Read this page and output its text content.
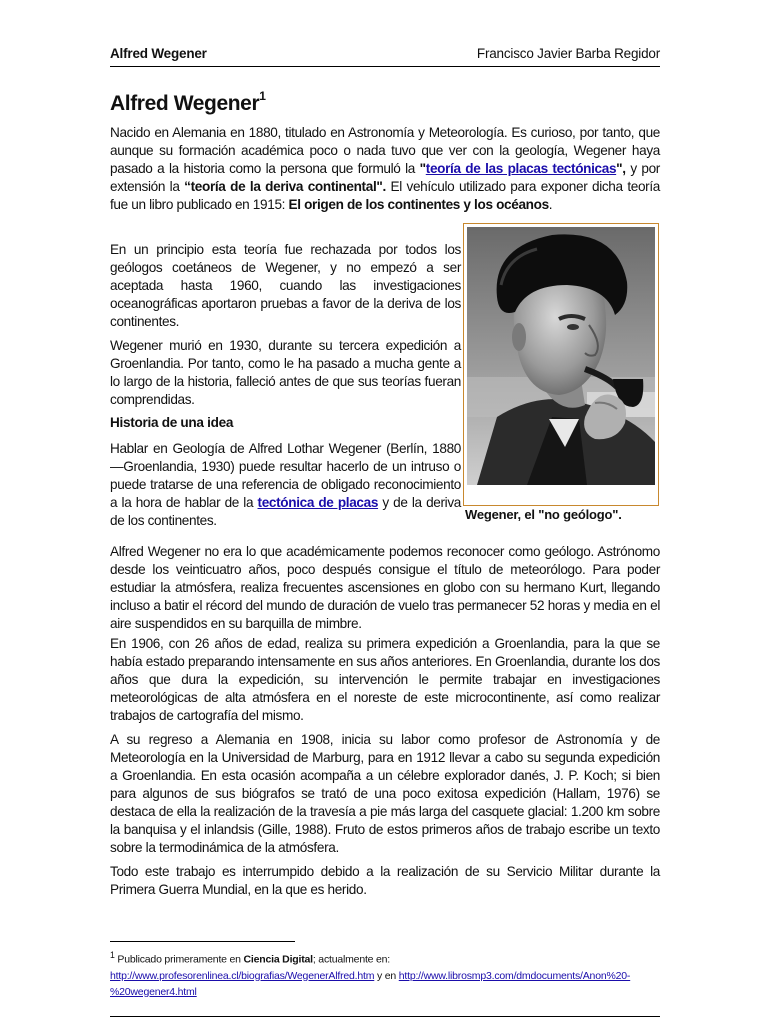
Alfred Wegener	Francisco Javier Barba Regidor
Alfred Wegener$^1$

Nacido en Alemania en 1880, titulado en Astronomía y Meteorología. Es curioso, por tanto, que aunque su formación académica poco o nada tuvo que ver con la geología, Wegener haya pasado a la historia como la persona que formuló la "teoría de las placas tectónicas", y por extensión la “teoría de la deriva continental". El vehículo utilizado para exponer dicha teoría fue un libro publicado en 1915: El origen de los continentes y los océanos.

En un principio esta teoría fue rechazada por todos los geólogos coetáneos de Wegener, y no empezó a ser aceptada hasta 1960, cuando las investigaciones oceanográficas aportaron pruebas a favor de la deriva de los continentes.

Wegener murió en 1930, durante su tercera expedición a Groenlandia. Por tanto, como le ha pasado a mucha gente a lo largo de la historia, falleció antes de que sus teorías fueran comprendidas.

Historia de una idea

Hablar en Geología de Alfred Lothar Wegener (Berlín, 1880—Groenlandia, 1930) puede resultar hacerlo de un intruso o puede tratarse de una referencia de obligado reconocimiento a la hora de hablar de la tectónica de placas y de la deriva de los continentes.	Wegener, el "no geólogo".

Alfred Wegener no era lo que académicamente podemos reconocer como geólogo. Astrónomo desde los veinticuatro años, poco después consigue el título de meteorólogo. Para poder estudiar la atmósfera, realiza frecuentes ascensiones en globo con su hermano Kurt, llegando incluso a batir el récord del mundo de duración de vuelo tras permanecer 52 horas y media en el aire suspendidos en su barquilla de mimbre.

En 1906, con 26 años de edad, realiza su primera expedición a Groenlandia, para la que se había estado preparando intensamente en sus años anteriores. En Groenlandia, durante los dos años que dura la expedición, su intervención le permite trabajar en investigaciones meteorológicas de alta atmósfera en el noreste de este microcontinente, así como realizar trabajos de cartografía del mismo.

A su regreso a Alemania en 1908, inicia su labor como profesor de Astronomía y de Meteorología en la Universidad de Marburg, para en 1912 llevar a cabo su segunda expedición a Groenlandia. En esta ocasión acompaña a un célebre explorador danés, J. P. Koch; si bien para algunos de sus biógrafos se trató de una poco exitosa expedición (Hallam, 1976) se destaca de ella la realización de la travesía a pie más larga del casquete glacial: 1.200 km sobre la banquisa y el inlandsis (Gille, 1988). Fruto de estos primeros años de trabajo escribe un texto sobre la termodinámica de la atmósfera.

Todo este trabajo es interrumpido debido a la realización de su Servicio Militar durante la Primera Guerra Mundial, en la que es herido.

$^1$ Publicado primeramente en Ciencia Digital; actualmente en:
http://www.profesorenlinea.cl/biografias/WegenerAlfred.htm y en http://www.librosmp3.com/dmdocuments/Anon%20-
%20wegener4.html
